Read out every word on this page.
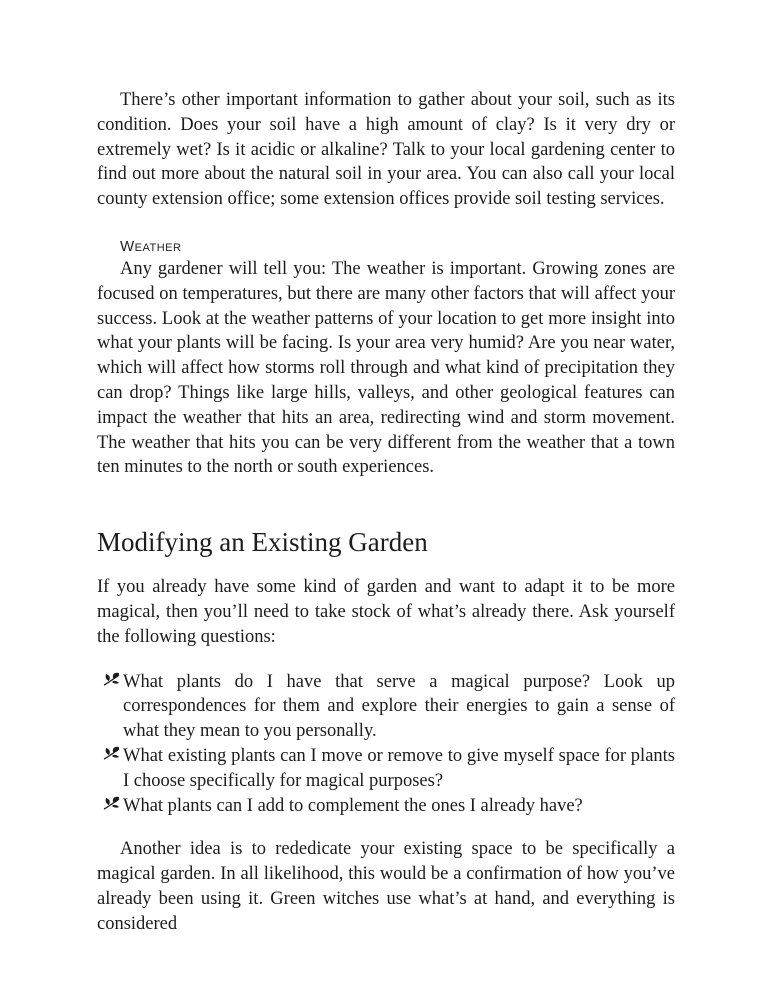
There’s other important information to gather about your soil, such as its condition. Does your soil have a high amount of clay? Is it very dry or extremely wet? Is it acidic or alkaline? Talk to your local gardening center to find out more about the natural soil in your area. You can also call your local county extension office; some extension offices provide soil testing services.

Weather

Any gardener will tell you: The weather is important. Growing zones are focused on temperatures, but there are many other factors that will affect your success. Look at the weather patterns of your location to get more insight into what your plants will be facing. Is your area very humid? Are you near water, which will affect how storms roll through and what kind of precipitation they can drop? Things like large hills, valleys, and other geological features can impact the weather that hits an area, redirecting wind and storm movement. The weather that hits you can be very different from the weather that a town ten minutes to the north or south experiences.

Modifying an Existing Garden

If you already have some kind of garden and want to adapt it to be more magical, then you’ll need to take stock of what’s already there. Ask yourself the following questions:

What plants do I have that serve a magical purpose? Look up correspondences for them and explore their energies to gain a sense of what they mean to you personally.
What existing plants can I move or remove to give myself space for plants I choose specifically for magical purposes?
What plants can I add to complement the ones I already have?

Another idea is to rededicate your existing space to be specifically a magical garden. In all likelihood, this would be a confirmation of how you’ve already been using it. Green witches use what’s at hand, and everything is considered
